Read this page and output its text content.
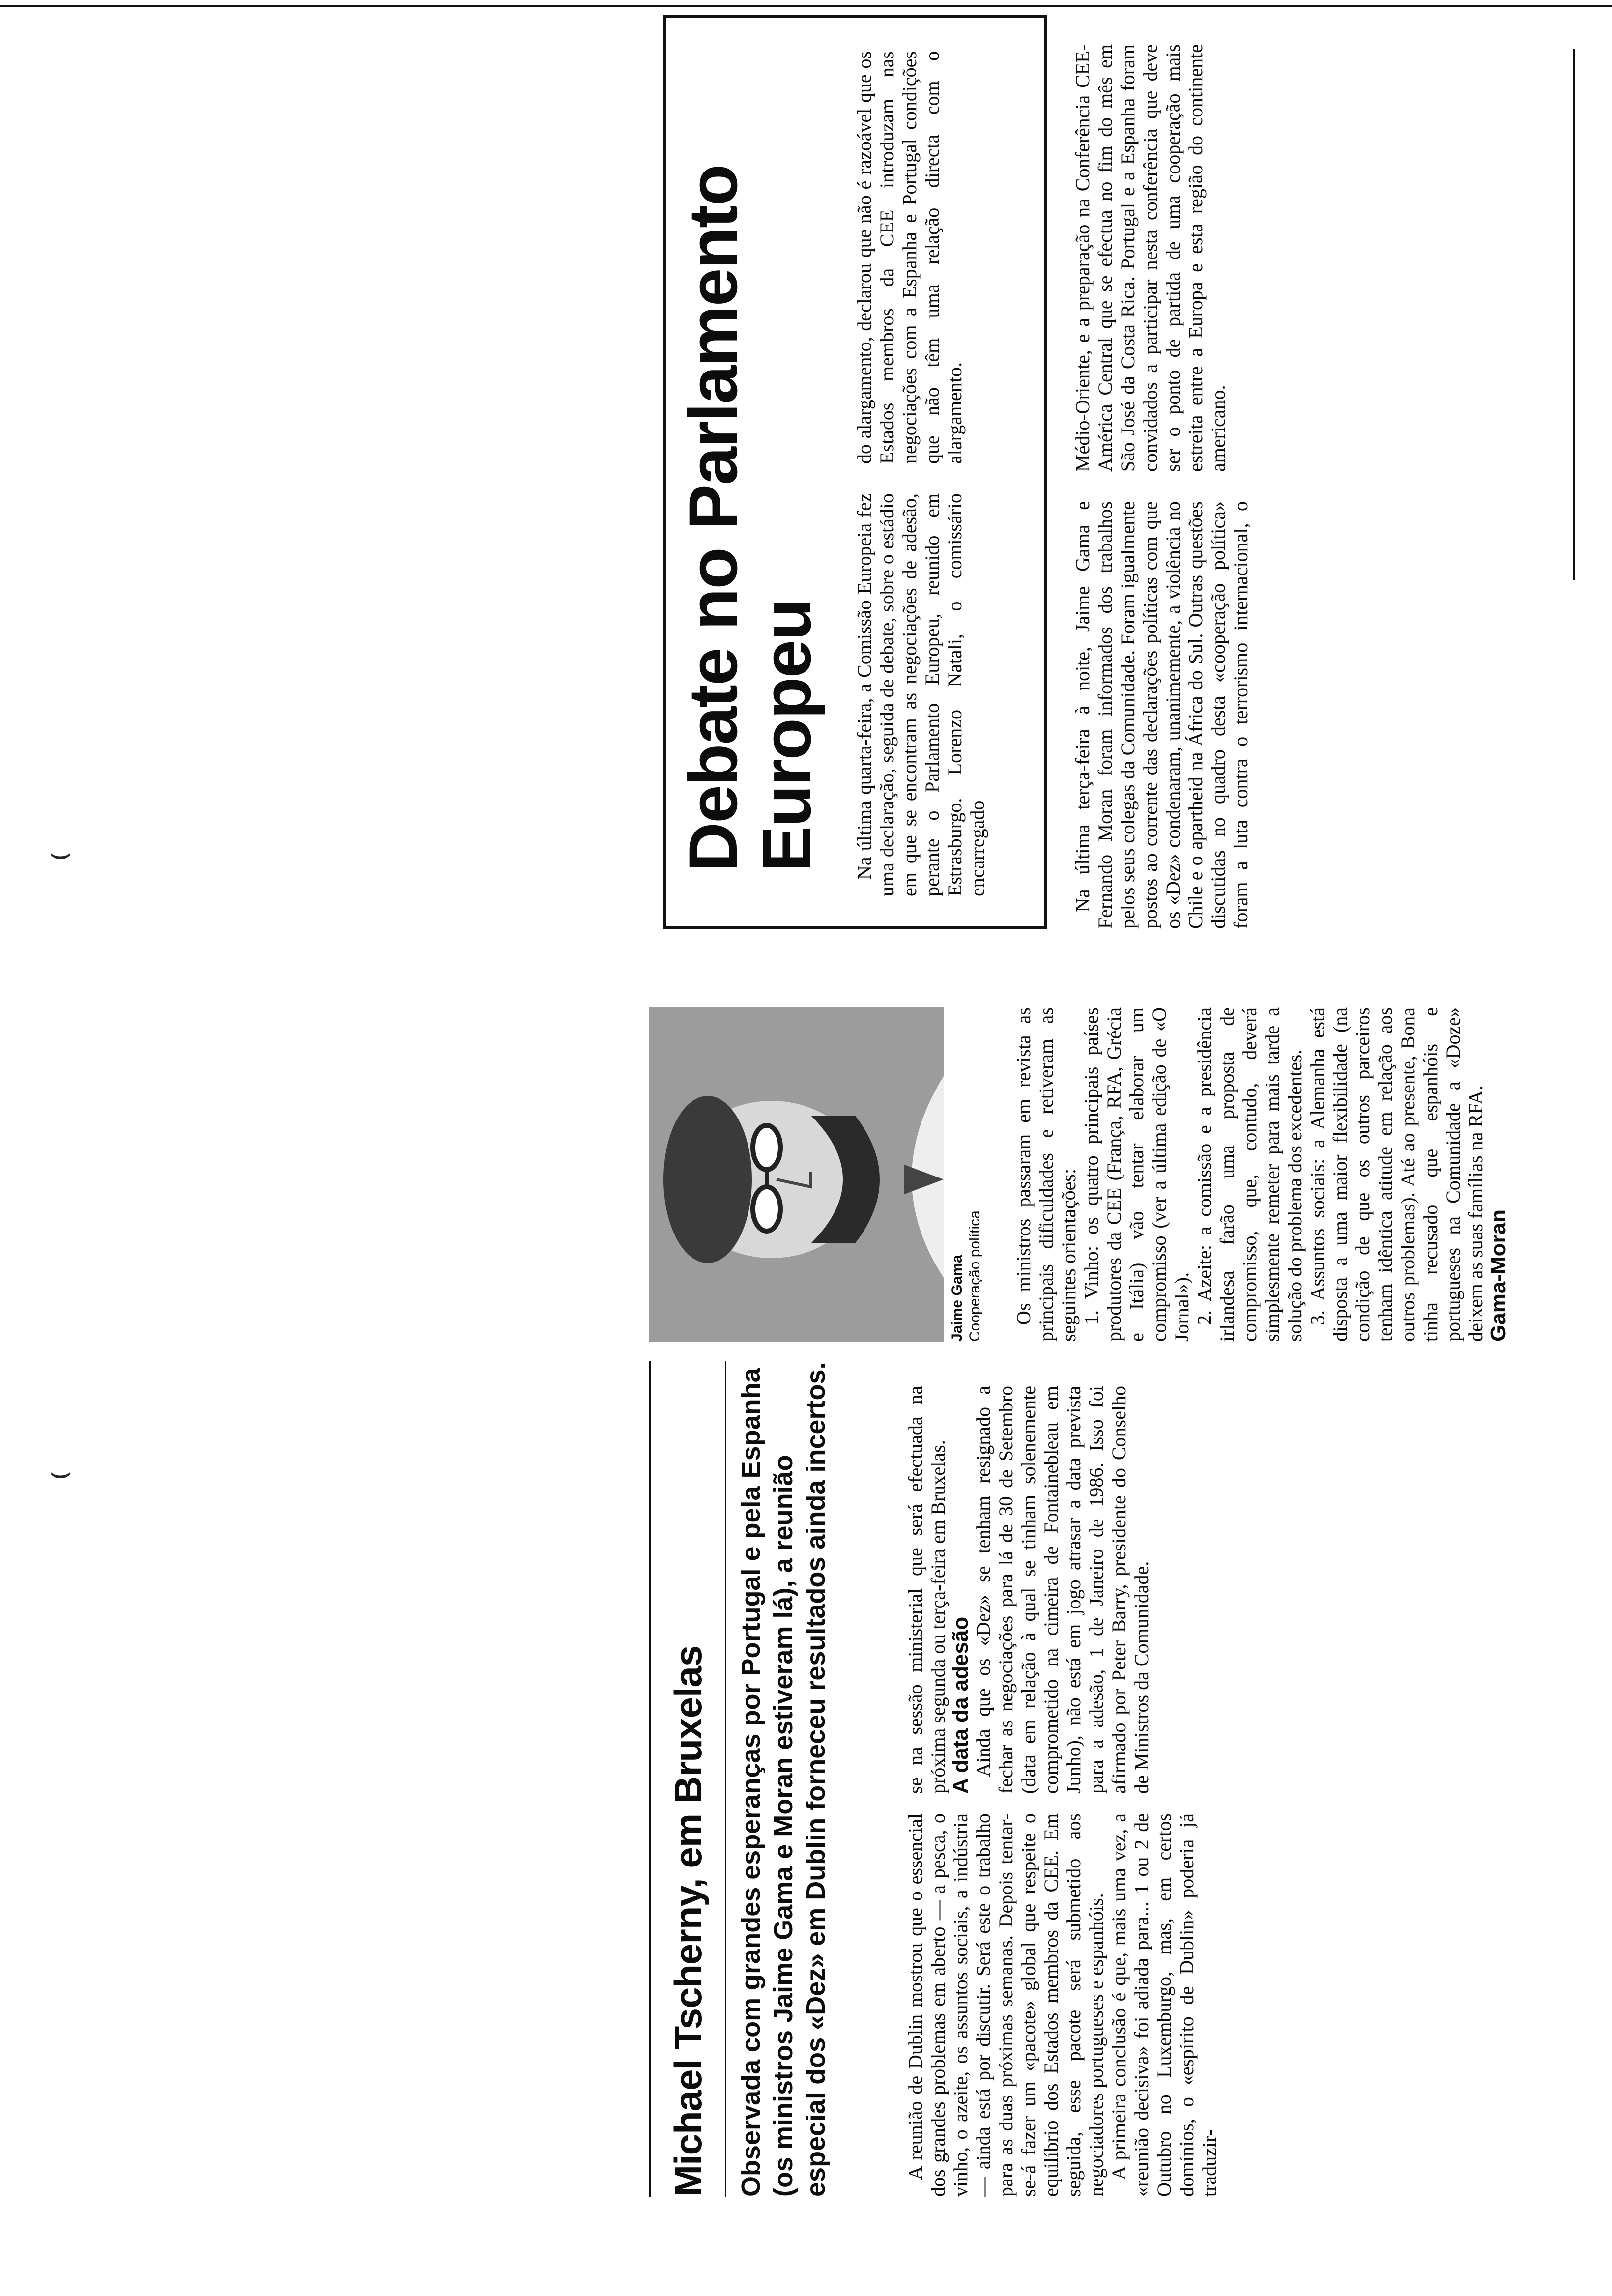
⌣
⌣
Michael Tscherny, em Bruxelas	Observada com grandes esperanças por Portugal e pela Espanha (os ministros Jaime Gama e Moran estiveram lá), a reunião especial dos «Dez» em Dublin forneceu resultados ainda incertos.	A reunião de Dublin mostrou que o essencial dos grandes problemas em aberto — a pesca, o vinho, o azeite, os assuntos sociais, a indústria — ainda está por discutir. Será este o trabalho para as duas próximas semanas. Depois tentar-se-á fazer um «pacote» global que respeite o equilíbrio dos Estados membros da CEE. Em seguida, esse pacote será submetido aos negociadores portugueses e espanhóis. A primeira conclusão é que, mais uma vez, a «reunião decisiva» foi adiada para... 1 ou 2 de Outubro no Luxemburgo, mas, em certos domínios, o «espírito de Dublin» poderia já traduzir-

se na sessão ministerial que será efectuada na próxima segunda ou terça-feira em Bruxelas. A data da adesão Ainda que os «Dez» se tenham resignado a fechar as negociações para lá de 30 de Setembro (data em relação à qual se tinham solenemente comprometido na cimeira de Fontainebleau em Junho), não está em jogo atrasar a data prevista para a adesão, 1 de Janeiro de 1986. Isso foi afirmado por Peter Barry, presidente do Conselho de Ministros da Comunidade.

Jaime Gama Cooperação política Os ministros passaram em revista as principais dificuldades e retiveram as seguintes orientações: 1. Vinho: os quatro principais países produtores da CEE (França, RFA, Grécia e Itália) vão tentar elaborar um compromisso (ver a última edição de «O Jornal»). 2. Azeite: a comissão e a presidência irlandesa farão uma proposta de compromisso, que, contudo, deverá simplesmente remeter para mais tarde a solução do problema dos excedentes. 3. Assuntos sociais: a Alemanha está disposta a uma maior flexibilidade (na condição de que os outros parceiros tenham idêntica atitude em relação aos outros problemas). Até ao presente, Bona tinha recusado que espanhóis e portugueses na Comunidade a «Doze» deixem as suas famílias na RFA. Gama-Moran

Na última terça-feira à noite, Jaime Gama e Fernando Moran foram informados dos trabalhos pelos seus colegas da Comunidade. Foram igualmente postos ao corrente das declarações políticas com que os «Dez» condenaram, unanimemente, a violência no Chile e o apartheid na África do Sul. Outras questões discutidas no quadro desta «cooperação política» foram a luta contra o terrorismo internacional, o Médio-Oriente, e a preparação na Conferência CEE-América Central que se efectua no fim do mês em São José da Costa Rica. Portugal e a Espanha foram convidados a participar nesta conferência que deve ser o ponto de partida de uma cooperação mais estreita entre a Europa e esta região do continente americano.

Debate no Parlamento Europeu Na última quarta-feira, a Comissão Europeia fez uma declaração, seguida de debate, sobre o estádio em que se encontram as negociações de adesão, perante o Parlamento Europeu, reunido em Estrasburgo. Lorenzo Natali, o comissário encarregado

do alargamento, declarou que não é razoável que os Estados membros da CEE introduzam nas negociações com a Espanha e Portugal condições que não têm uma relação directa com o alargamento.
